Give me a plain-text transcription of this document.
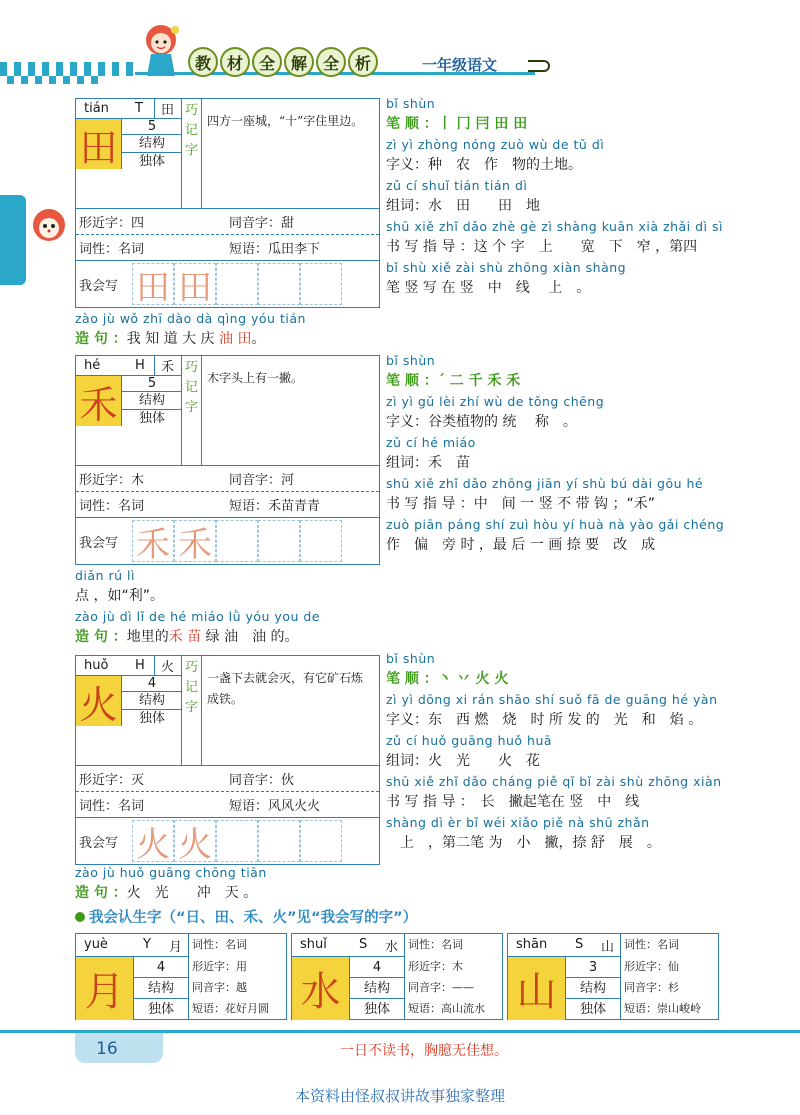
教 材 全 解 全 析	一年级语文
tián T	田
田	5
结构
独体
巧记字
四方一座城，“十”字住里边。
形近字：四	同音字：甜
词性：名词	短语：瓜田李下
我会写 田 田
bǐ shùn
笔 顺 ：丨 冂 冃 田 田
zì yì zhòng nóng zuò wù de tǔ dì
字义：种　农　作　物的土地。
zǔ cí shuǐ tián tián dì
组词：水　田　　田　地
shū xiě zhǐ dǎo zhè gè zì shàng kuān xià zhǎi dì sì
书 写 指 导 ：这 个 字　上　　宽　下　窄 ，第四
bǐ shù xiě zài shù zhōng xiàn shàng
笔 竖 写 在 竖　中　线　 上　。
zào jù wǒ zhī dào dà qìng yóu tián
造 句 ：我 知 道 大 庆 油 田。
hé	H	禾
禾	5
结构
独体
巧记字
木字头上有一撇。
形近字：木	同音字：河
词性：名词	短语：禾苗青青
我会写 禾 禾
bǐ shùn
笔 顺 ：ˊ 二 千 禾 禾
zì yì gǔ lèi zhí wù de tǒng chēng
字义：谷类植物的 统　 称　。
zǔ cí hé miáo
组词：禾　苗
shū xiě zhǐ dǎo zhōng jiān yí shù bú dài gōu hé
书 写 指 导 ：中　间 一 竖 不 带 钩 ；“禾”
zuò piān páng shí zuì hòu yí huà nà yào gǎi chéng
作　偏　旁 时 ，最 后 一 画 捺 要　改　成
diǎn rú lì
点 ，如“利”。
zào jù dì lǐ de hé miáo lǜ yóu you de
造 句 ：地里的禾 苗 绿 油　油 的。
huǒ H	火
火	4
结构
独体
巧记字
一盏下去就会灭，有它矿石炼成铁。
形近字：灭	同音字：伙
词性：名词	短语：风风火火
我会写 火 火
bǐ shùn
笔 顺 ：丶 丷 火 火
zì yì dōng xi rán shāo shí suǒ fā de guāng hé yàn
字义：东　西 燃　烧　时 所 发 的　光　和　焰 。
zǔ cí huǒ guāng huǒ huā
组词：火　光　　火　花
shū xiě zhǐ dǎo cháng piě qǐ bǐ zài shù zhōng xiàn
书 写 指 导 ：　长　撇起笔在 竖　中　线
shàng dì èr bǐ wéi xiǎo piě nà shū zhǎn
　上　，第二笔 为　小　撇，捺 舒　展　。
zào jù huǒ guāng chōng tiān
造 句 ：火　光　　冲　天 。
我会认生字（“日、田、禾、火”见“我会写的字”）
yuè	Y 月
月
4
结构
独体
词性：名词
形近字：用
同音字：越
短语：花好月圆
shuǐ S 水
水
4
结构
独体
词性：名词
形近字：木
同音字：——
短语：高山流水
shān S 山
山
3
结构
独体
词性：名词
形近字：仙
同音字：杉
短语：崇山峻岭
16	一日不读书，胸臆无佳想。
本资料由怪叔叔讲故事独家整理
